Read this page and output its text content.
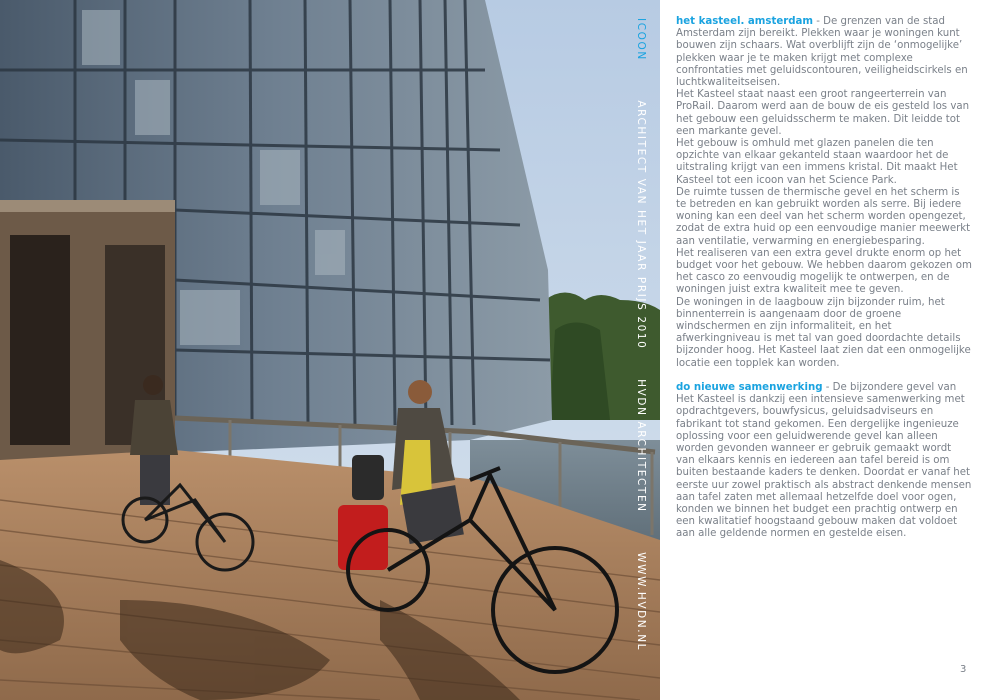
ICOON        ARCHITECT VAN HET JAAR PRIJS 2010      HVDN ARCHITECTEN        WWW.HVDN.NL

het kasteel. amsterdam - De grenzen van de stad Amsterdam zijn bereikt. Plekken waar je woningen kunt bouwen zijn schaars. Wat overblijft zijn de ‘onmogelijke’ plekken waar je te maken krijgt met complexe confrontaties met geluidscontouren, veiligheidscirkels en luchtkwaliteitseisen.

Het Kasteel staat naast een groot rangeerterrein van ProRail. Daarom werd aan de bouw de eis gesteld los van het gebouw een geluidsscherm te maken. Dit leidde tot een markante gevel.

Het gebouw is omhuld met glazen panelen die ten opzichte van elkaar gekanteld staan waardoor het de uitstraling krijgt van een immens kristal. Dit maakt Het Kasteel tot een icoon van het Science Park.

De ruimte tussen de thermische gevel en het scherm is te betreden en kan gebruikt worden als serre. Bij iedere woning kan een deel van het scherm worden opengezet, zodat de extra huid op een eenvoudige manier meewerkt aan ventilatie, verwarming en energiebesparing.

Het realiseren van een extra gevel drukte enorm op het budget voor het gebouw. We hebben daarom gekozen om het casco zo eenvoudig mogelijk te ontwerpen, en de woningen juist extra kwaliteit mee te geven.

De woningen in de laagbouw zijn bijzonder ruim, het binnenterrein is aangenaam door de groene windschermen en zijn informaliteit, en het afwerkingniveau is met tal van goed doordachte details bijzonder hoog. Het Kasteel laat zien dat een onmogelijke locatie een topplek kan worden.

do nieuwe samenwerking - De bijzondere gevel van Het Kasteel is dankzij een intensieve samenwerking met opdrachtgevers, bouwfysicus, geluidsadviseurs en fabrikant tot stand gekomen. Een dergelijke ingenieuze oplossing voor een geluidwerende gevel kan alleen worden gevonden wanneer er gebruik gemaakt wordt van elkaars kennis en iedereen aan tafel bereid is om buiten bestaande kaders te denken. Doordat er vanaf het eerste uur zowel praktisch als abstract denkende mensen aan tafel zaten met allemaal hetzelfde doel voor ogen, konden we binnen het budget een prachtig ontwerp en een kwalitatief hoogstaand gebouw maken dat voldoet aan alle geldende normen en gestelde eisen.

3
